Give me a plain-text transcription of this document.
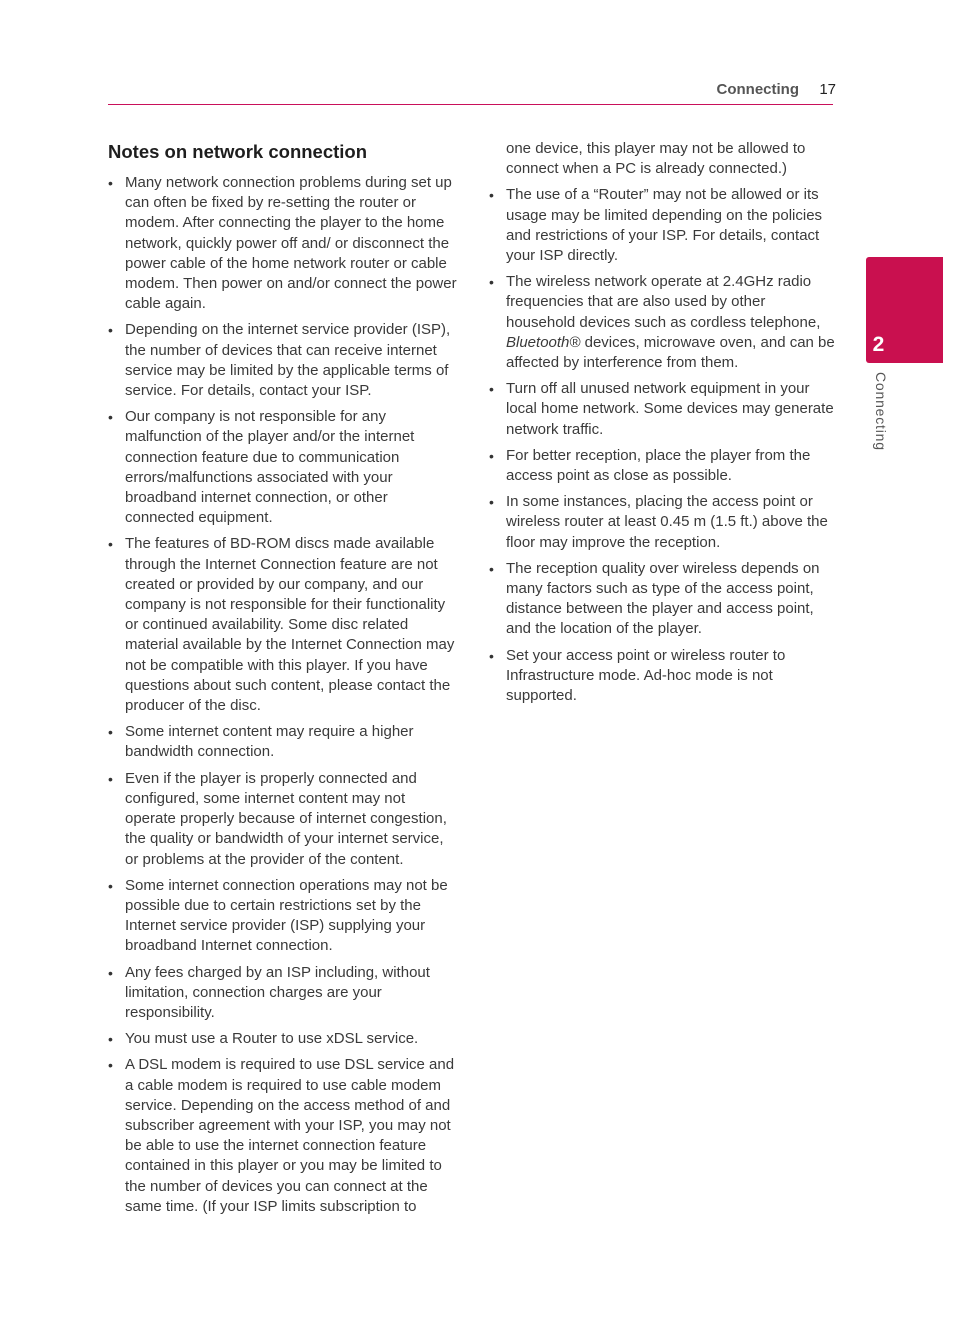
Connecting	17
2
Connecting
Notes on network connection
• Many network connection problems during set up can often be fixed by re-setting the router or modem. After connecting the player to the home network, quickly power off and/ or disconnect the power cable of the home network router or cable modem. Then power on and/or connect the power cable again.
• Depending on the internet service provider (ISP), the number of devices that can receive internet service may be limited by the applicable terms of service. For details, contact your ISP.
• Our company is not responsible for any malfunction of the player and/or the internet connection feature due to communication errors/malfunctions associated with your broadband internet connection, or other connected equipment.
• The features of BD-ROM discs made available through the Internet Connection feature are not created or provided by our company, and our company is not responsible for their functionality or continued availability. Some disc related material available by the Internet Connection may not be compatible with this player. If you have questions about such content, please contact the producer of the disc.
• Some internet content may require a higher bandwidth connection.
• Even if the player is properly connected and configured, some internet content may not operate properly because of internet congestion, the quality or bandwidth of your internet service, or problems at the provider of the content.
• Some internet connection operations may not be possible due to certain restrictions set by the Internet service provider (ISP) supplying your broadband Internet connection.
• Any fees charged by an ISP including, without limitation, connection charges are your responsibility.
• You must use a Router to use xDSL service.
• A DSL modem is required to use DSL service and a cable modem is required to use cable modem service. Depending on the access method of and subscriber agreement with your ISP, you may not be able to use the internet connection feature contained in this player or you may be limited to the number of devices you can connect at the same time. (If your ISP limits subscription to

one device, this player may not be allowed to connect when a PC is already connected.)

• The use of a “Router” may not be allowed or its usage may be limited depending on the policies and restrictions of your ISP. For details, contact your ISP directly.
• The wireless network operate at 2.4GHz radio frequencies that are also used by other household devices such as cordless telephone, Bluetooth® devices, microwave oven, and can be affected by interference from them.
• Turn off all unused network equipment in your local home network. Some devices may generate network traffic.
• For better reception, place the player from the access point as close as possible.
• In some instances, placing the access point or wireless router at least 0.45 m (1.5 ft.) above the floor may improve the reception.
• The reception quality over wireless depends on many factors such as type of the access point, distance between the player and access point, and the location of the player.
• Set your access point or wireless router to Infrastructure mode. Ad-hoc mode is not supported.
